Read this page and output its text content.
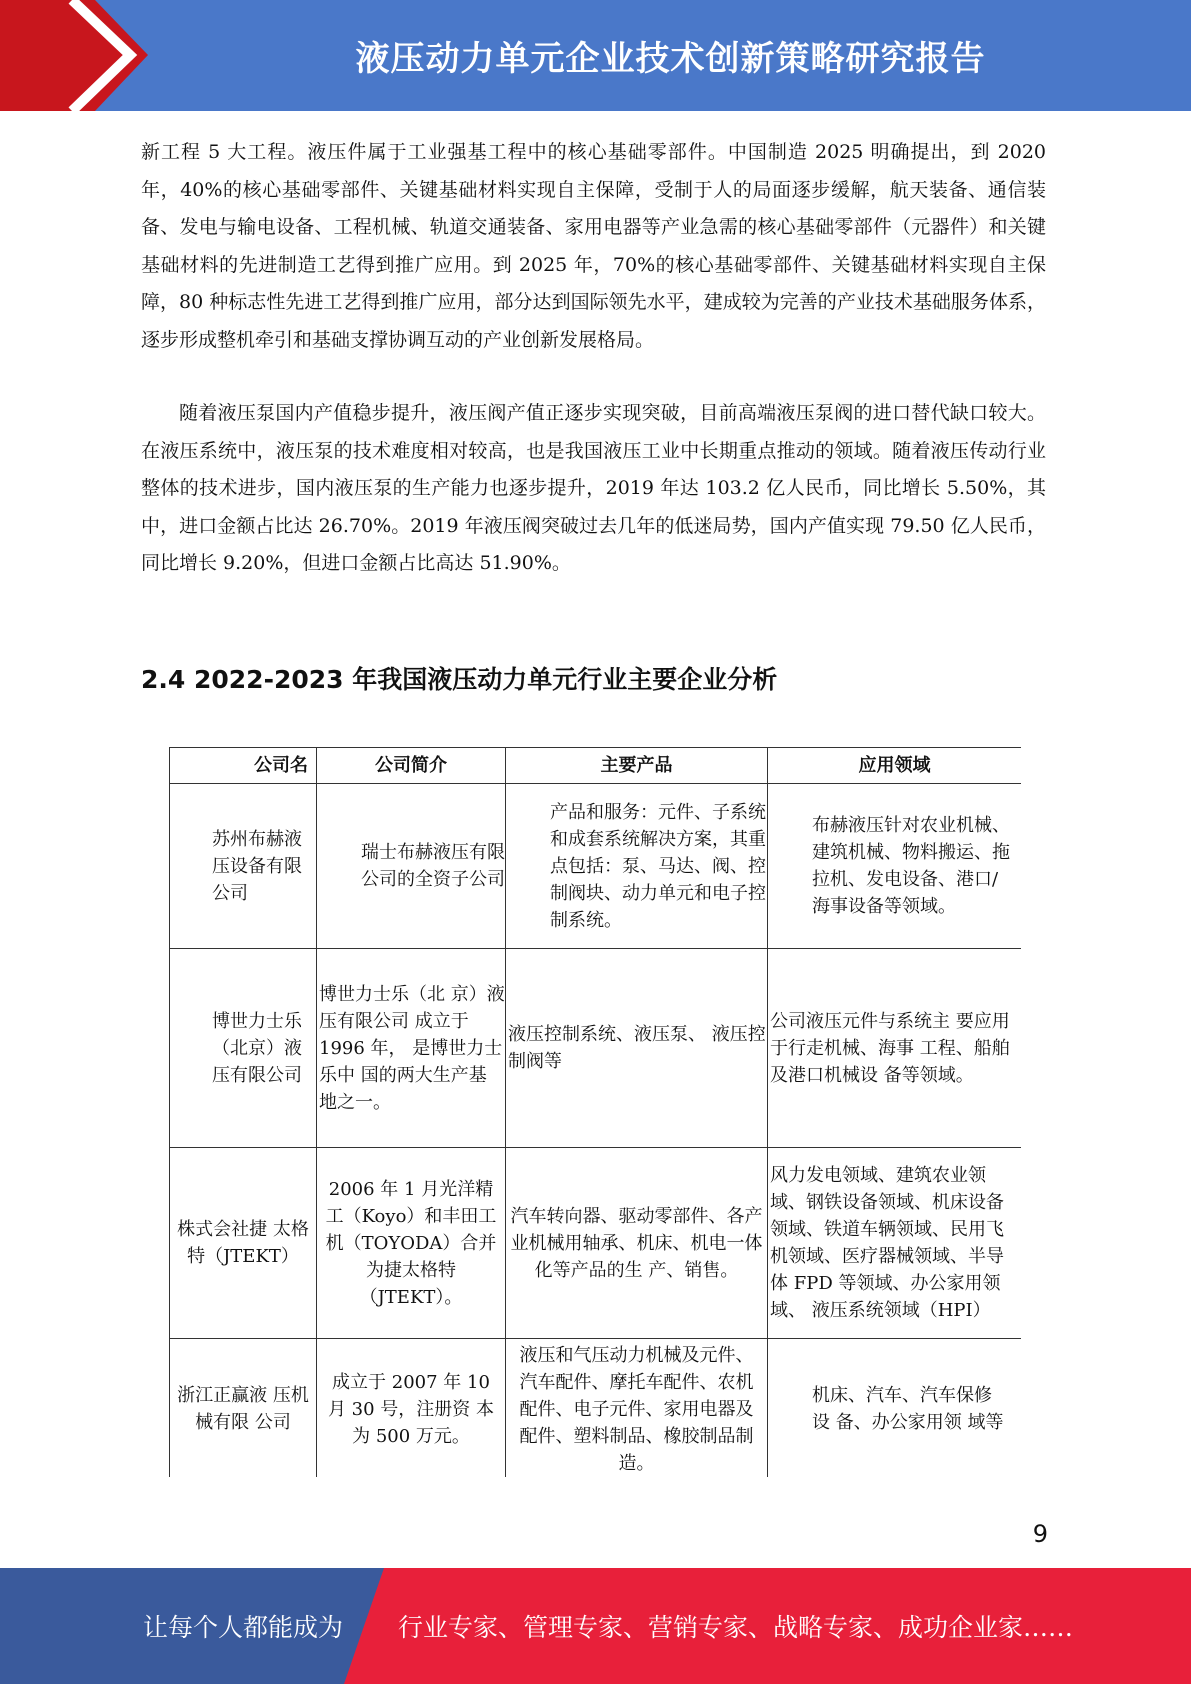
液压动力单元企业技术创新策略研究报告

新工程 5 大工程。液压件属于工业强基工程中的核心基础零部件。中国制造 2025 明确提出，到 2020 年，40%的核心基础零部件、关键基础材料实现自主保障，受制于人的局面逐步缓解，航天装备、通信装备、发电与输电设备、工程机械、轨道交通装备、家用电器等产业急需的核心基础零部件（元器件）和关键基础材料的先进制造工艺得到推广应用。到 2025 年，70%的核心基础零部件、关键基础材料实现自主保障，80 种标志性先进工艺得到推广应用，部分达到国际领先水平，建成较为完善的产业技术基础服务体系，逐步形成整机牵引和基础支撑协调互动的产业创新发展格局。

随着液压泵国内产值稳步提升，液压阀产值正逐步实现突破，目前高端液压泵阀的进口替代缺口较大。在液压系统中，液压泵的技术难度相对较高，也是我国液压工业中长期重点推动的领域。随着液压传动行业整体的技术进步，国内液压泵的生产能力也逐步提升，2019 年达 103.2 亿人民币，同比增长 5.50%，其中，进口金额占比达 26.70%。2019 年液压阀突破过去几年的低迷局势，国内产值实现 79.50 亿人民币，同比增长 9.20%，但进口金额占比高达 51.90%。

2.4 2022-2023 年我国液压动力单元行业主要企业分析
公司名	公司简介	主要产品	应用领域

苏州布赫液压设备有限公司	瑞士布赫液压有限公司的全资子公司	产品和服务：元件、子系统和成套系统解决方案，其重点包括：泵、马达、阀、控制阀块、动力单元和电子控制系统。	布赫液压针对农业机械、 建筑机械、物料搬运、拖 拉机、发电设备、港口/ 海事设备等领域。

博世力士乐 （北京）液 压有限公司	博世力士乐（北 京）液压有限公司 成立于 1996 年， 是博世力士乐中 国的两大生产基 地之一。	液压控制系统、液压泵、 液压控制阀等	公司液压元件与系统主 要应用于行走机械、海事 工程、船舶及港口机械设 备等领域。

株式会社捷 太格特（JTEKT）	2006 年 1 月光洋精工（Koyo）和丰田工机（TOYODA）合并为捷太格特（JTEKT）。	汽车转向器、驱动零部件、各产业机械用轴承、机床、机电一体化等产品的生 产、销售。	风力发电领域、建筑农业领域、钢铁设备领域、机床设备领域、铁道车辆领域、民用飞机领域、医疗器械领域、半导体 FPD 等领域、办公家用领域、 液压系统领域（HPI）

浙江正赢液 压机械有限 公司	成立于 2007 年 10 月 30 号，注册资 本为 500 万元。	液压和气压动力机械及元件、汽车配件、摩托车配件、农机配件、电子元件、家用电器及配件、塑料制品、橡胶制品制造。	机床、汽车、汽车保修 设 备、办公家用领 域等
9
让每个人都能成为 行业专家、管理专家、营销专家、战略专家、成功企业家……
